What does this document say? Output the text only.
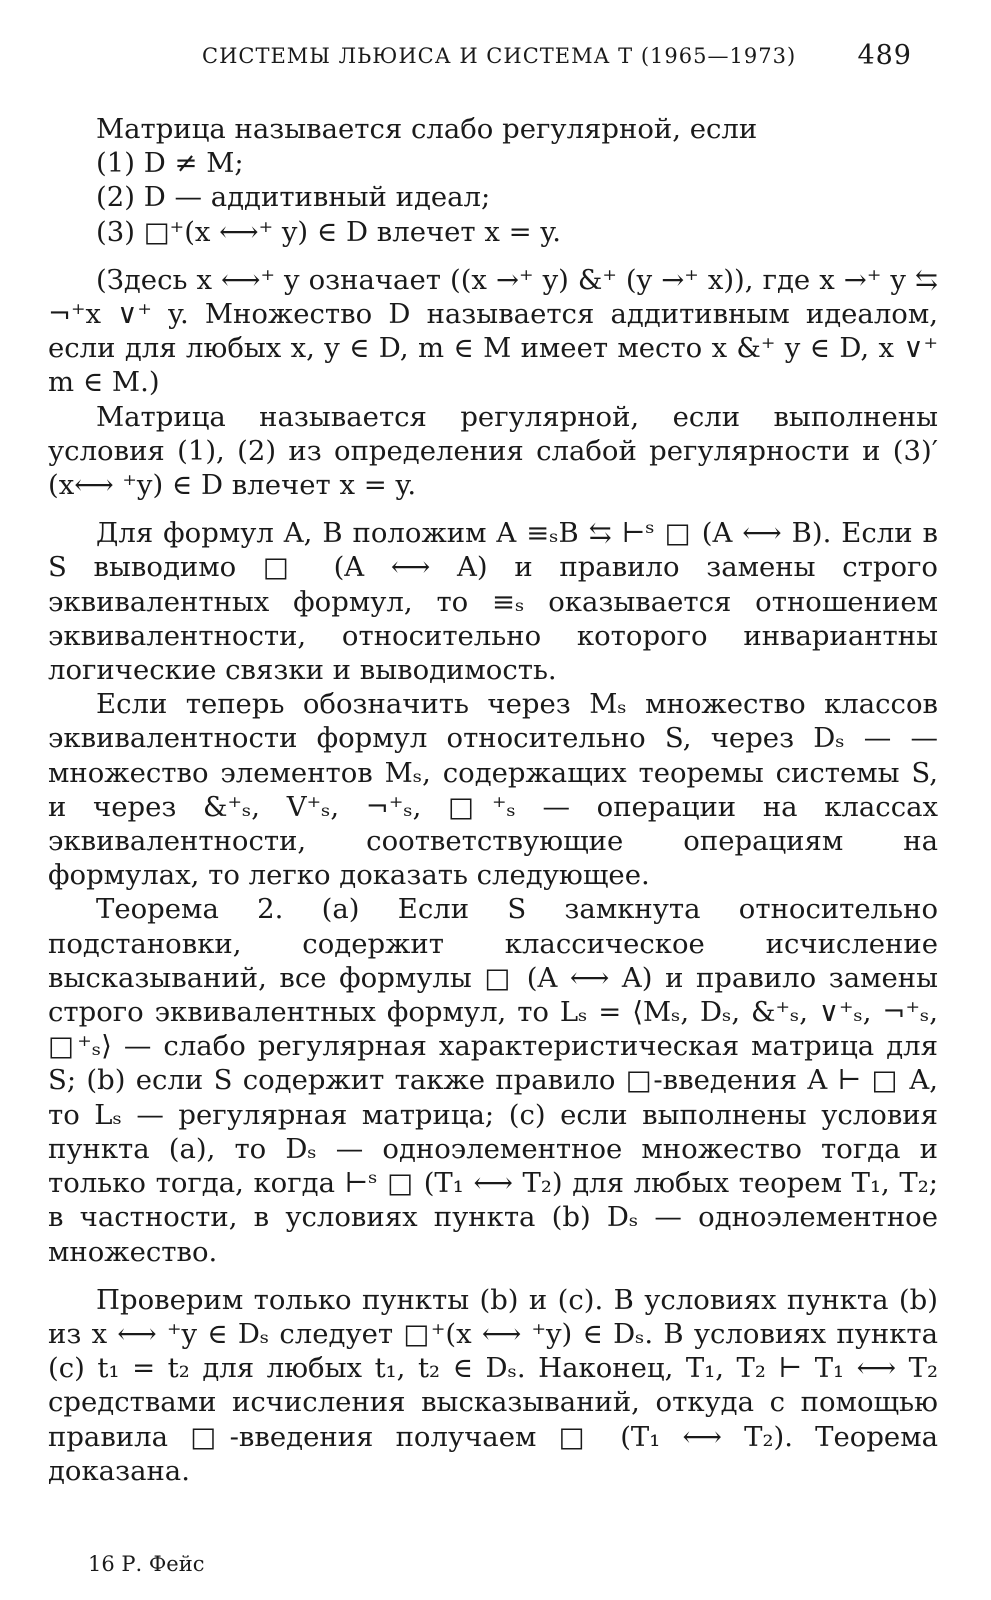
СИСТЕМЫ ЛЬЮИСА И СИСТЕМА T (1965—1973) 489

Матрица называется слабо регулярной, если

(1) D ≠ M;

(2) D — аддитивный идеал;

(3) □⁺(x ⟷⁺ y) ∈ D влечет x = y.

(Здесь x ⟷⁺ y означает ((x →⁺ y) &⁺ (y →⁺ x)), где x →⁺ y ⇆ ¬⁺x ∨⁺ y. Множество D называется аддитивным идеалом, если для любых x, y ∈ D, m ∈ M имеет место x &⁺ y ∈ D, x ∨⁺ m ∈ M.)

Матрица называется регулярной, если выполнены условия (1), (2) из определения слабой регулярности и (3)′ (x⟷ ⁺y) ∈ D влечет x = y.

Для формул A, B положим A ≡ₛB ⇆ ⊢ˢ □ (A ⟷ B). Если в S выводимо □ (A ⟷ A) и правило замены строго эквивалентных формул, то ≡ₛ оказывается отношением эквивалентности, относительно которого инвариантны логические связки и выводимость.

Если теперь обозначить через Mₛ множество классов эквивалентности формул относительно S, через Dₛ — — множество элементов Mₛ, содержащих теоремы системы S, и через &⁺ₛ, V⁺ₛ, ¬⁺ₛ, □⁺ₛ — операции на классах эквивалентности, соответствующие операциям на формулах, то легко доказать следующее.

Теорема 2. (a) Если S замкнута относительно подстановки, содержит классическое исчисление высказываний, все формулы □ (A ⟷ A) и правило замены строго эквивалентных формул, то Lₛ = ⟨Mₛ, Dₛ, &⁺ₛ, ∨⁺ₛ, ¬⁺ₛ, □⁺ₛ⟩ — слабо регулярная характеристическая матрица для S; (b) если S содержит также правило □-введения A ⊢ □ A, то Lₛ — регулярная матрица; (c) если выполнены условия пункта (a), то Dₛ — одноэлементное множество тогда и только тогда, когда ⊢ˢ □ (T₁ ⟷ T₂) для любых теорем T₁, T₂; в частности, в условиях пункта (b) Dₛ — одноэлементное множество.

Проверим только пункты (b) и (c). В условиях пункта (b) из x ⟷ ⁺y ∈ Dₛ следует □⁺(x ⟷ ⁺y) ∈ Dₛ. В условиях пункта (c) t₁ = t₂ для любых t₁, t₂ ∈ Dₛ. Наконец, T₁, T₂ ⊢ T₁ ⟷ T₂ средствами исчисления высказываний, откуда с помощью правила □-введения получаем □ (T₁ ⟷ T₂). Теорема доказана.

16 Р. Фейс
